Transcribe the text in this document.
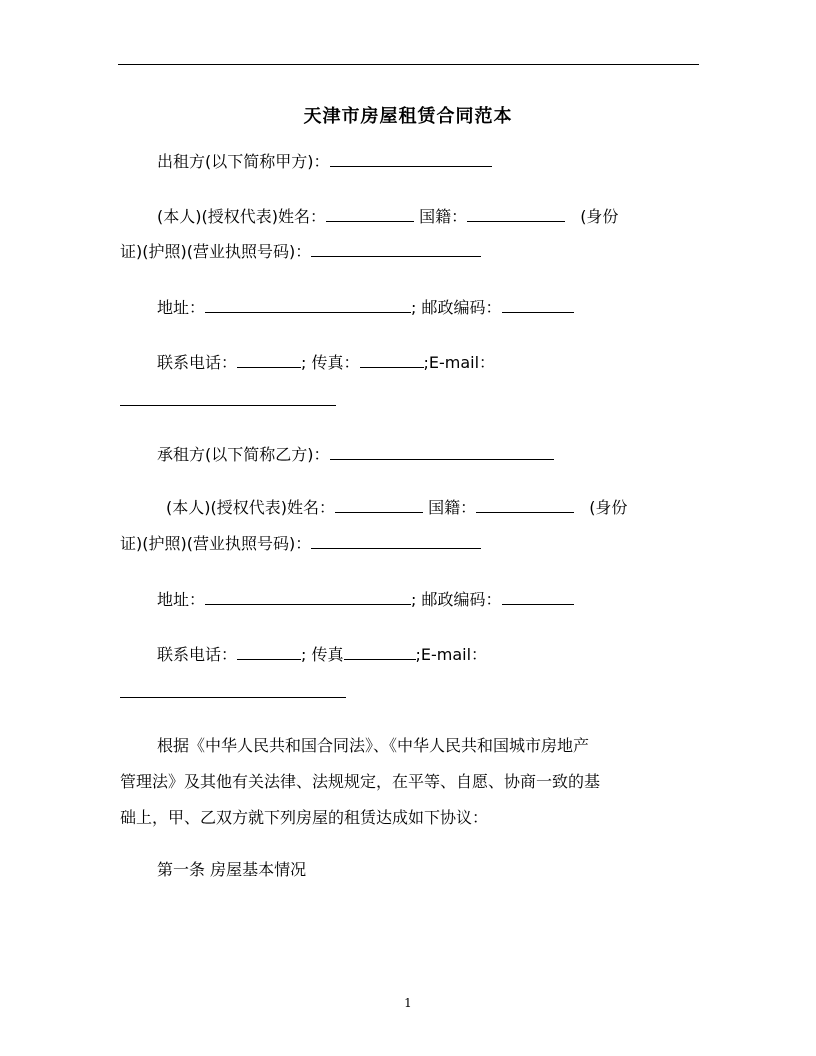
天津市房屋租赁合同范本
出租方(以下简称甲方)：
(本人)(授权代表)姓名：	国籍：	(身份
证)(护照)(营业执照号码)：
地址：	; 邮政编码：
联系电话：	; 传真：	;E-mail：
承租方(以下简称乙方)：
(本人)(授权代表)姓名：	国籍：	(身份
证)(护照)(营业执照号码)：
地址：	; 邮政编码：
联系电话：	; 传真	;E-mail：
根据《中华人民共和国合同法》、《中华人民共和国城市房地产
管理法》及其他有关法律、法规规定，在平等、自愿、协商一致的基
础上，甲、乙双方就下列房屋的租赁达成如下协议：
第一条 房屋基本情况
1
